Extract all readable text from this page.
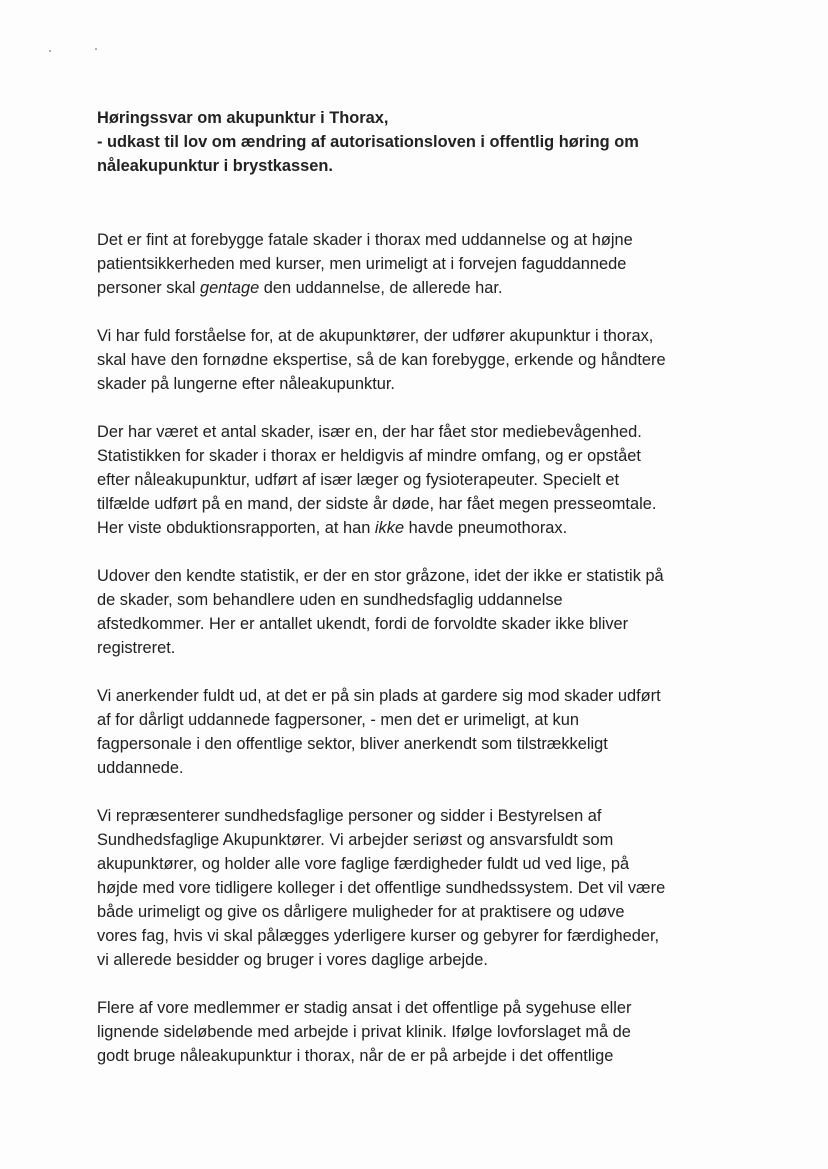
Høringssvar om akupunktur i Thorax,
- udkast til lov om ændring af autorisationsloven i offentlig høring om
nåleakupunktur i brystkassen.

Det er fint at forebygge fatale skader i thorax med uddannelse og at højne
patientsikkerheden med kurser, men urimeligt at i forvejen faguddannede
personer skal gentage den uddannelse, de allerede har.

Vi har fuld forståelse for, at de akupunktører, der udfører akupunktur i thorax,
skal have den fornødne ekspertise, så de kan forebygge, erkende og håndtere
skader på lungerne efter nåleakupunktur.

Der har været et antal skader, især en, der har fået stor mediebevågenhed.
Statistikken for skader i thorax er heldigvis af mindre omfang, og er opstået
efter nåleakupunktur, udført af især læger og fysioterapeuter. Specielt et
tilfælde udført på en mand, der sidste år døde, har fået megen presseomtale.
Her viste obduktionsrapporten, at han ikke havde pneumothorax.

Udover den kendte statistik, er der en stor gråzone, idet der ikke er statistik på
de skader, som behandlere uden en sundhedsfaglig uddannelse
afstedkommer. Her er antallet ukendt, fordi de forvoldte skader ikke bliver
registreret.

Vi anerkender fuldt ud, at det er på sin plads at gardere sig mod skader udført
af for dårligt uddannede fagpersoner, - men det er urimeligt, at kun
fagpersonale i den offentlige sektor, bliver anerkendt som tilstrækkeligt
uddannede.

Vi repræsenterer sundhedsfaglige personer og sidder i Bestyrelsen af
Sundhedsfaglige Akupunktører. Vi arbejder seriøst og ansvarsfuldt som
akupunktører, og holder alle vore faglige færdigheder fuldt ud ved lige, på
højde med vore tidligere kolleger i det offentlige sundhedssystem. Det vil være
både urimeligt og give os dårligere muligheder for at praktisere og udøve
vores fag, hvis vi skal pålægges yderligere kurser og gebyrer for færdigheder,
vi allerede besidder og bruger i vores daglige arbejde.

Flere af vore medlemmer er stadig ansat i det offentlige på sygehuse eller
lignende sideløbende med arbejde i privat klinik. Ifølge lovforslaget må de
godt bruge nåleakupunktur i thorax, når de er på arbejde i det offentlige
